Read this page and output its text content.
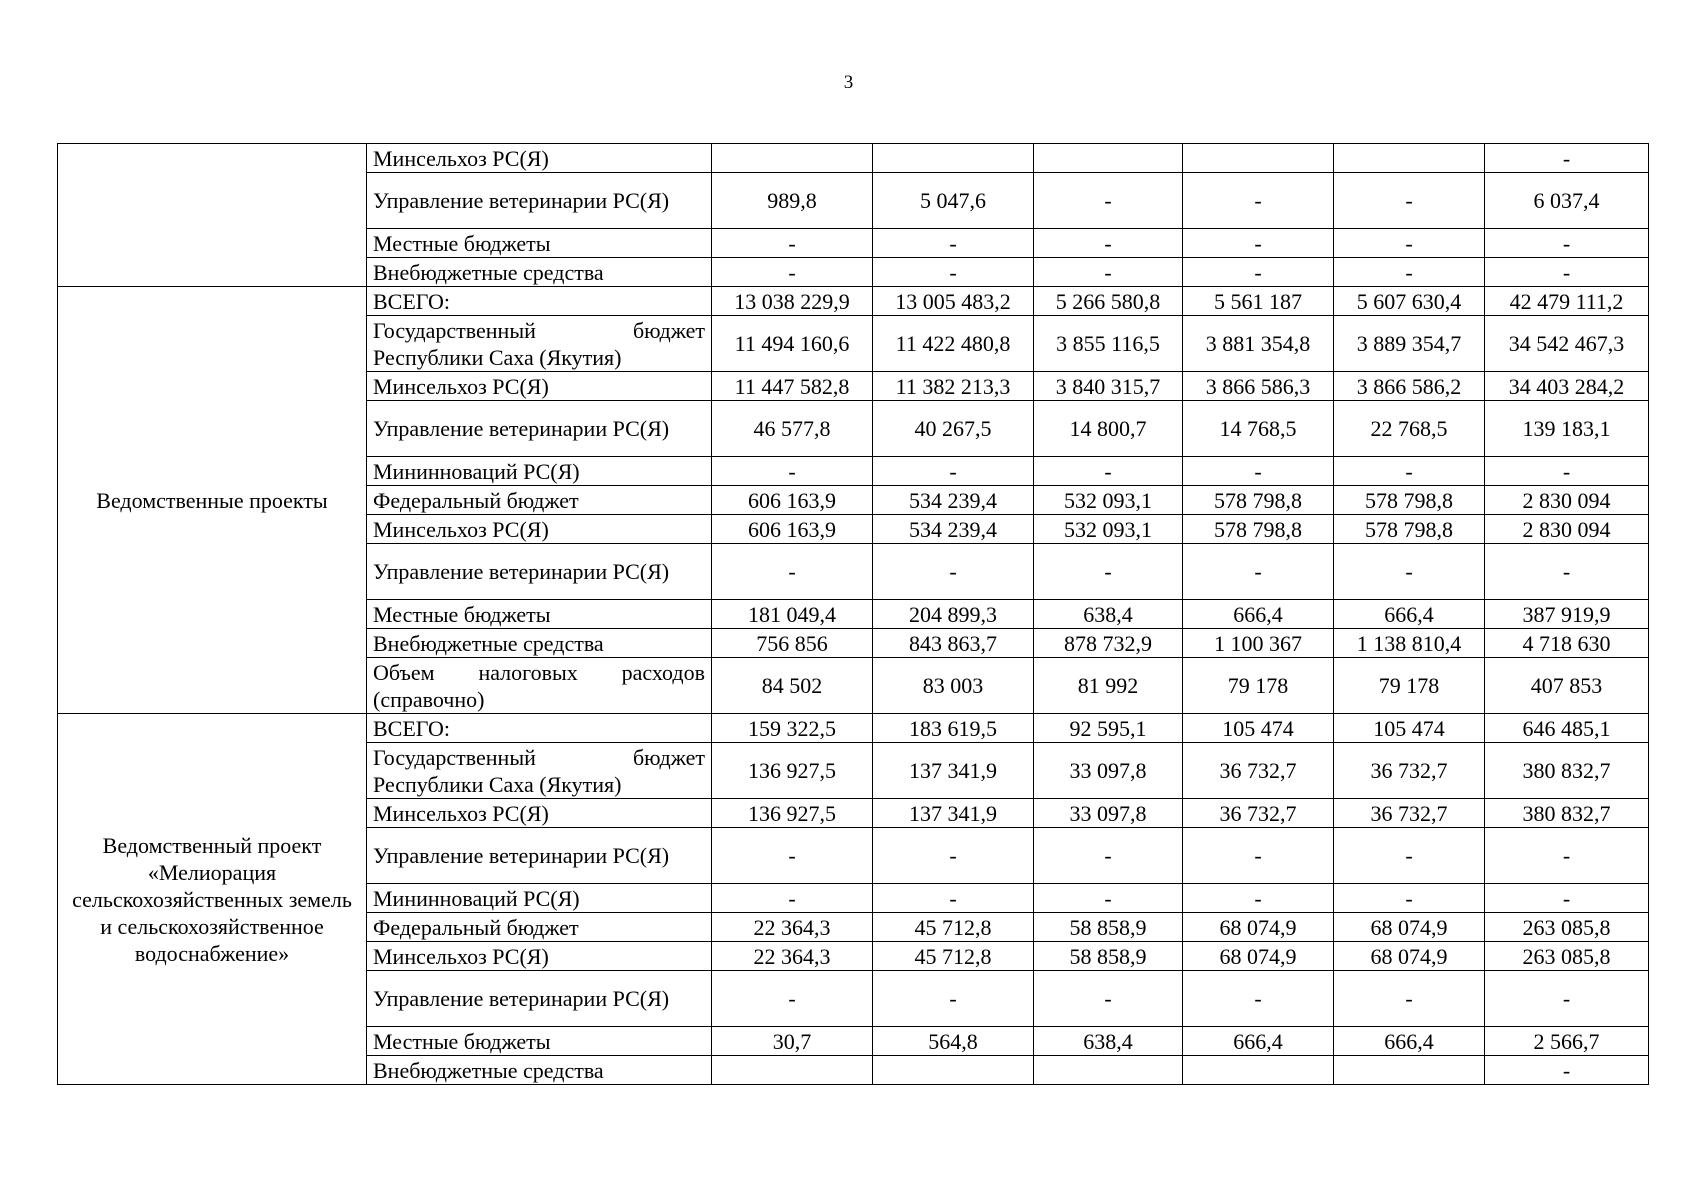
3
	Минсельхоз РС(Я)						-
	Управление ветеринарии РС(Я)	989,8	5 047,6	-	-	-	6 037,4
	Местные бюджеты	-	-	-	-	-	-
	Внебюджетные средства	-	-	-	-	-	-
Ведомственные проекты	ВСЕГО:	13 038 229,9	13 005 483,2	5 266 580,8	5 561 187	5 607 630,4	42 479 111,2
	Государственный бюджет Республики Саха (Якутия)	11 494 160,6	11 422 480,8	3 855 116,5	3 881 354,8	3 889 354,7	34 542 467,3
	Минсельхоз РС(Я)	11 447 582,8	11 382 213,3	3 840 315,7	3 866 586,3	3 866 586,2	34 403 284,2
	Управление ветеринарии РС(Я)	46 577,8	40 267,5	14 800,7	14 768,5	22 768,5	139 183,1
	Мининноваций РС(Я)	-	-	-	-	-	-
	Федеральный бюджет	606 163,9	534 239,4	532 093,1	578 798,8	578 798,8	2 830 094
	Минсельхоз РС(Я)	606 163,9	534 239,4	532 093,1	578 798,8	578 798,8	2 830 094
	Управление ветеринарии РС(Я)	-	-	-	-	-	-
	Местные бюджеты	181 049,4	204 899,3	638,4	666,4	666,4	387 919,9
	Внебюджетные средства	756 856	843 863,7	878 732,9	1 100 367	1 138 810,4	4 718 630
	Объем налоговых расходов (справочно)	84 502	83 003	81 992	79 178	79 178	407 853
Ведомственный проект «Мелиорация сельскохозяйственных земель и сельскохозяйственное водоснабжение»	ВСЕГО:	159 322,5	183 619,5	92 595,1	105 474	105 474	646 485,1
	Государственный бюджет Республики Саха (Якутия)	136 927,5	137 341,9	33 097,8	36 732,7	36 732,7	380 832,7
	Минсельхоз РС(Я)	136 927,5	137 341,9	33 097,8	36 732,7	36 732,7	380 832,7
	Управление ветеринарии РС(Я)	-	-	-	-	-	-
	Мининноваций РС(Я)	-	-	-	-	-	-
	Федеральный бюджет	22 364,3	45 712,8	58 858,9	68 074,9	68 074,9	263 085,8
	Минсельхоз РС(Я)	22 364,3	45 712,8	58 858,9	68 074,9	68 074,9	263 085,8
	Управление ветеринарии РС(Я)	-	-	-	-	-	-
	Местные бюджеты	30,7	564,8	638,4	666,4	666,4	2 566,7
	Внебюджетные средства						-
